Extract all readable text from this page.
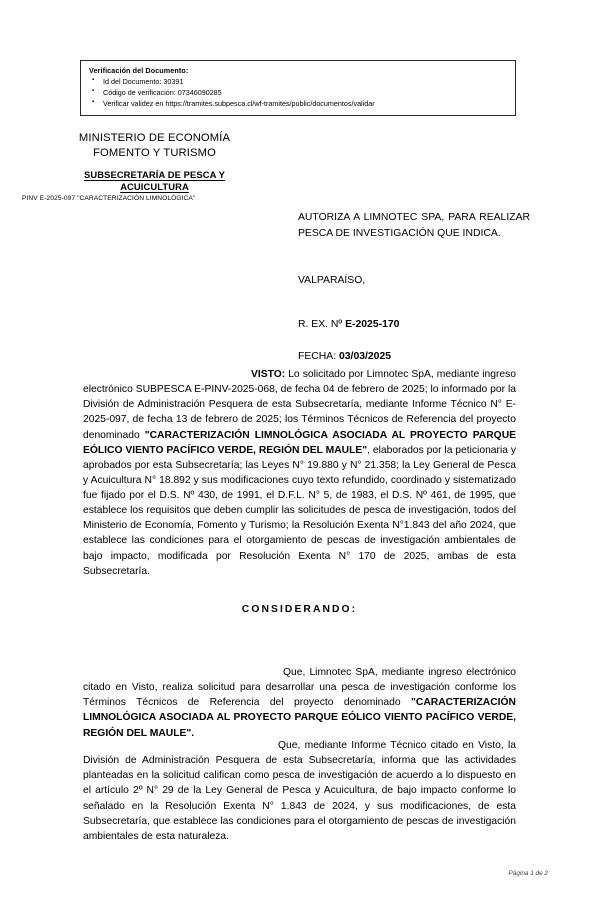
Verificación del Documento:
▪ Id del Documento: 30391
▪ Código de verificación: 07346090285
▪ Verificar validez en https://tramites.subpesca.cl/wf-tramites/public/documentos/validar
MINISTERIO DE ECONOMÍA
FOMENTO Y TURISMO
SUBSECRETARÍA DE PESCA Y
ACUICULTURA
PINV E-2025-097 "CARACTERIZACIÓN LIMNOLÓGICA"
AUTORIZA A LIMNOTEC SPA, PARA REALIZAR PESCA DE INVESTIGACIÓN QUE INDICA.
VALPARAÍSO,
R. EX. Nº E-2025-170
FECHA: 03/03/2025
VISTO: Lo solicitado por Limnotec SpA, mediante ingreso electrónico SUBPESCA E-PINV-2025-068, de fecha 04 de febrero de 2025; lo informado por la División de Administración Pesquera de esta Subsecretaría, mediante Informe Técnico N° E-2025-097, de fecha 13 de febrero de 2025; los Términos Técnicos de Referencia del proyecto denominado "CARACTERIZACIÓN LIMNOLÓGICA ASOCIADA AL PROYECTO PARQUE EÓLICO VIENTO PACÍFICO VERDE, REGIÓN DEL MAULE", elaborados por la peticionaria y aprobados por esta Subsecretaría; las Leyes N° 19.880 y N° 21.358; la Ley General de Pesca y Acuicultura N° 18.892 y sus modificaciones cuyo texto refundido, coordinado y sistematizado fue fijado por el D.S. Nº 430, de 1991, el D.F.L. N° 5, de 1983, el D.S. Nº 461, de 1995, que establece los requisitos que deben cumplir las solicitudes de pesca de investigación, todos del Ministerio de Economía, Fomento y Turismo; la Resolución Exenta N°1.843 del año 2024, que establece las condiciones para el otorgamiento de pescas de investigación ambientales de bajo impacto, modificada por Resolución Exenta N° 170 de 2025, ambas de esta Subsecretaría.
CONSIDERANDO:
Que, Limnotec SpA, mediante ingreso electrónico citado en Visto, realiza solicitud para desarrollar una pesca de investigación conforme los Términos Técnicos de Referencia del proyecto denominado "CARACTERIZACIÓN LIMNOLÓGICA ASOCIADA AL PROYECTO PARQUE EÓLICO VIENTO PACÍFICO VERDE, REGIÓN DEL MAULE".
Que, mediante Informe Técnico citado en Visto, la División de Administración Pesquera de esta Subsecretaría, informa que las actividades planteadas en la solicitud califican como pesca de investigación de acuerdo a lo dispuesto en el artículo 2º N° 29 de la Ley General de Pesca y Acuicultura, de bajo impacto conforme lo señalado en la Resolución Exenta N° 1.843 de 2024, y sus modificaciones, de esta Subsecretaría, que establece las condiciones para el otorgamiento de pescas de investigación ambientales de esta naturaleza.
Página 1 de 2
